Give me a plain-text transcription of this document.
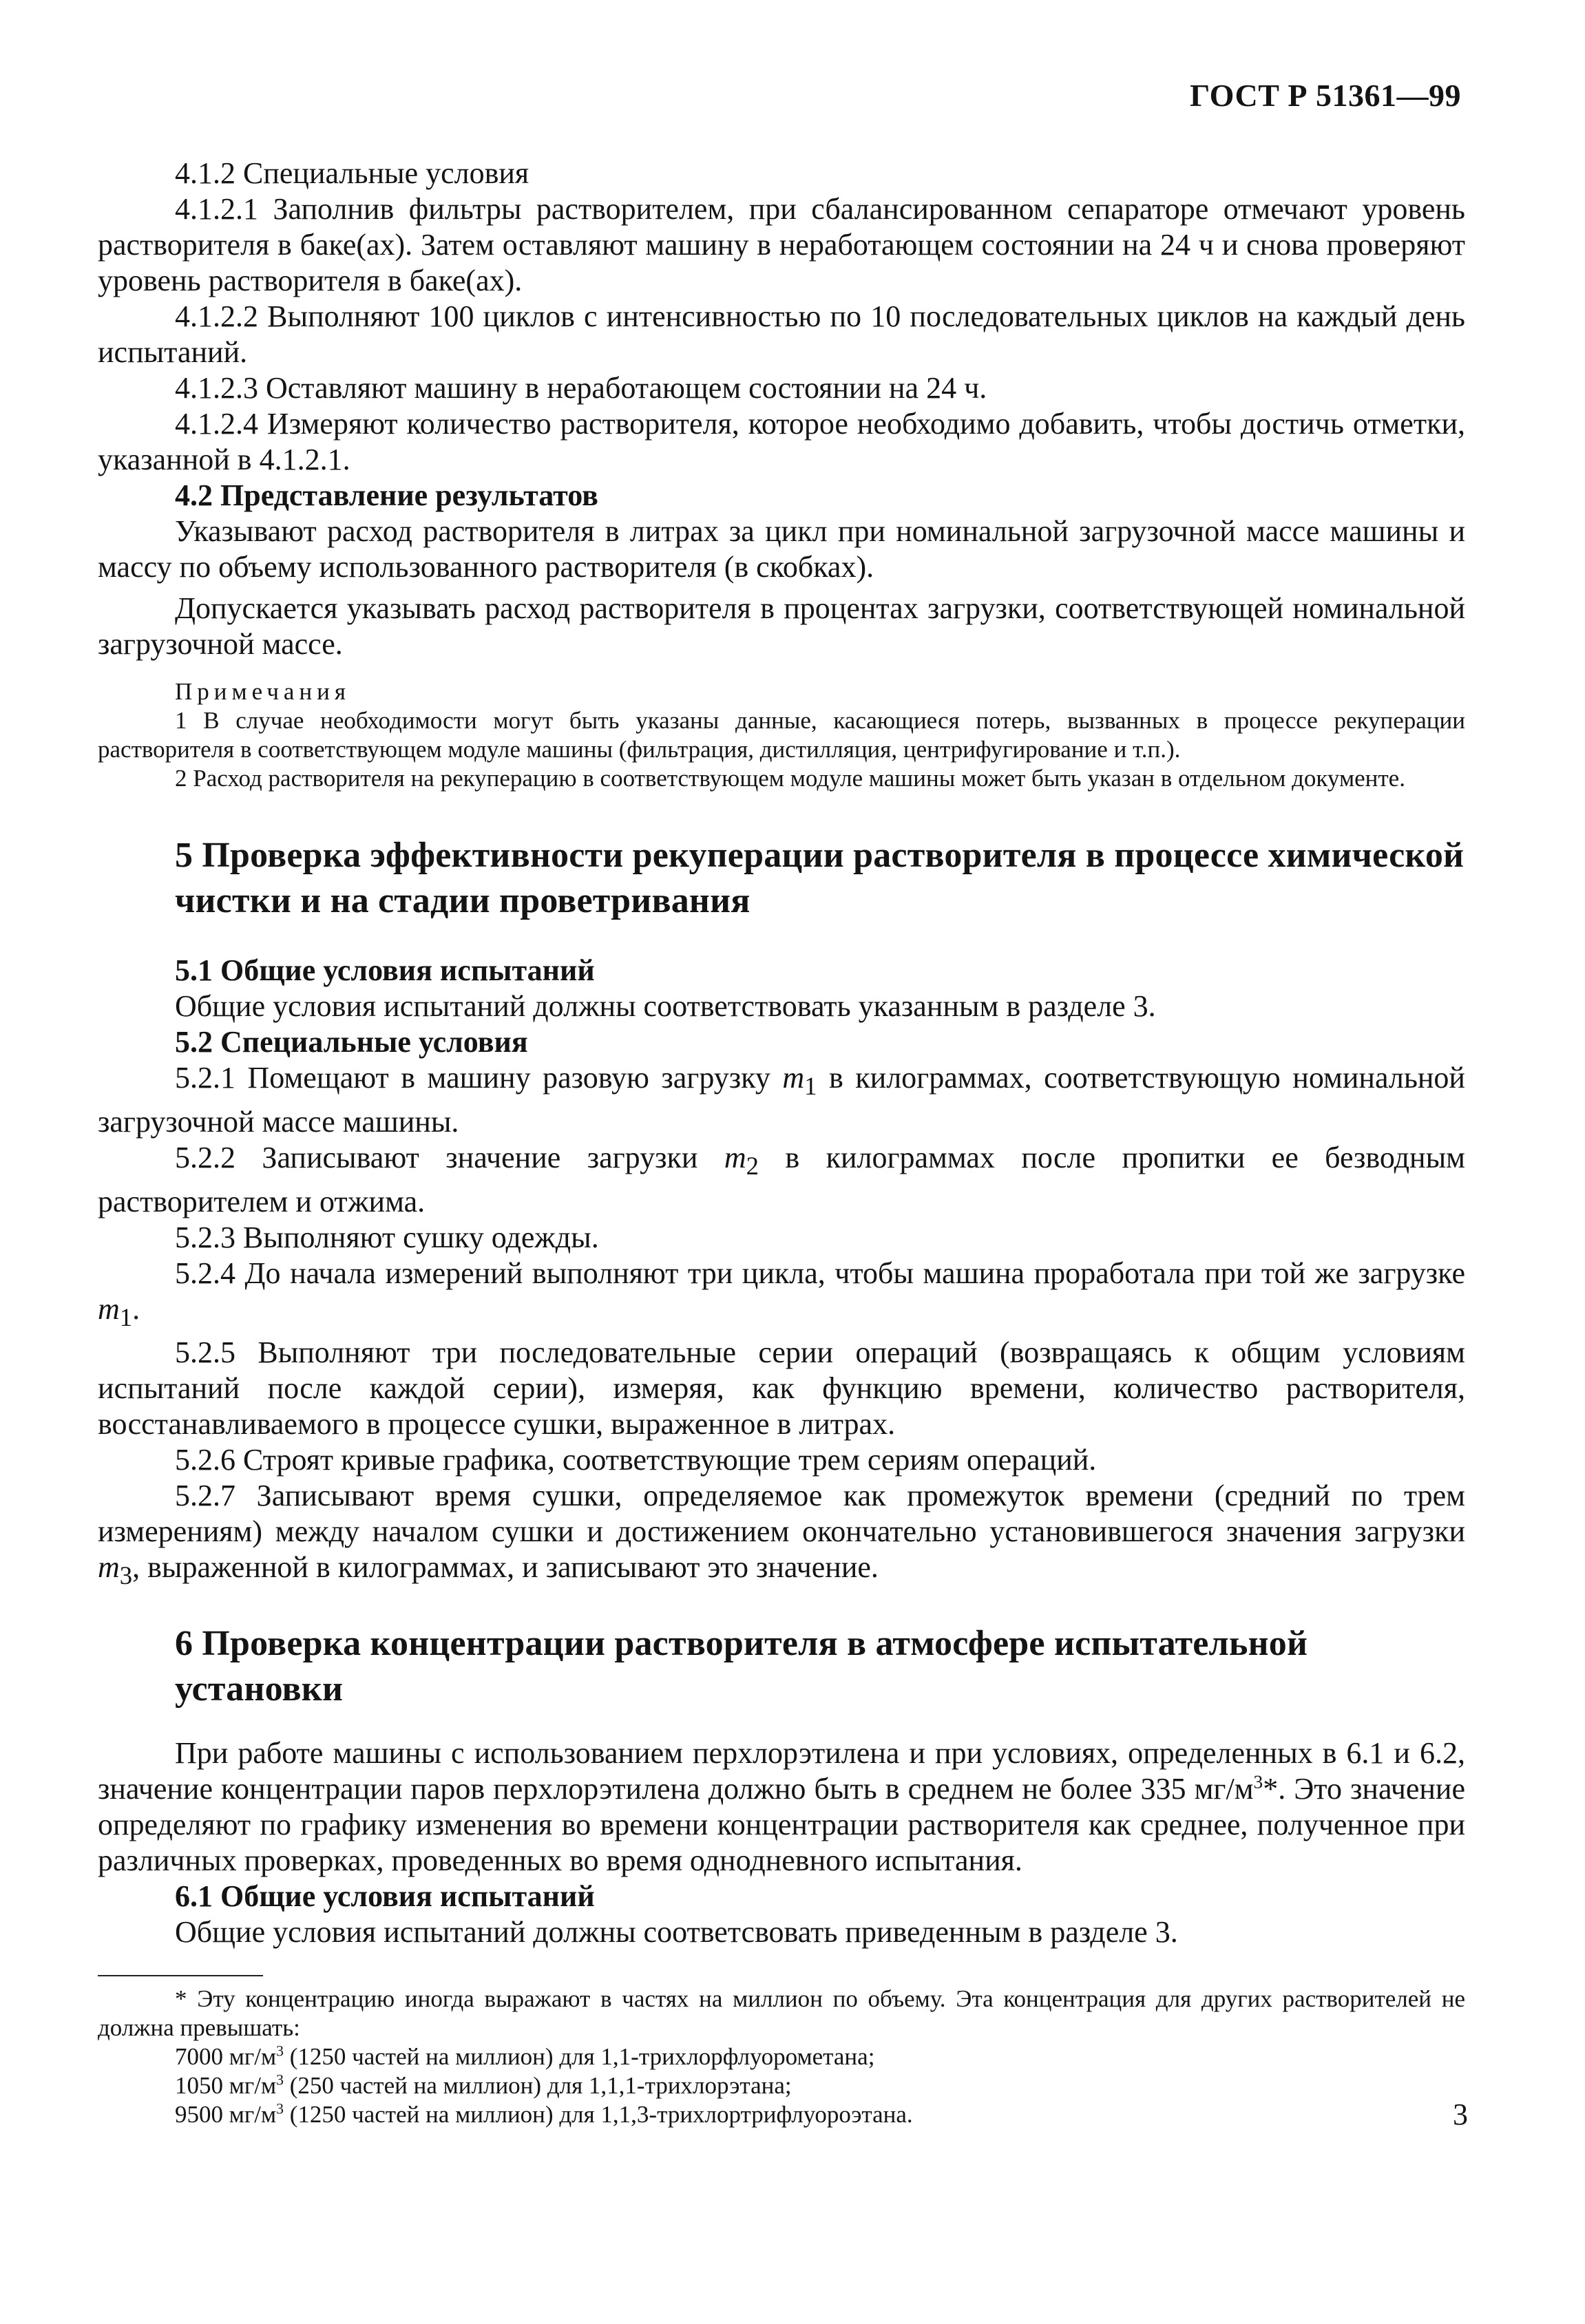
ГОСТ Р 51361—99

4.1.2 Специальные условия

4.1.2.1 Заполнив фильтры растворителем, при сбалансированном сепараторе отмечают уровень растворителя в баке(ах). Затем оставляют машину в неработающем состоянии на 24 ч и снова проверяют уровень растворителя в баке(ах).

4.1.2.2 Выполняют 100 циклов с интенсивностью по 10 последовательных циклов на каждый день испытаний.

4.1.2.3 Оставляют машину в неработающем состоянии на 24 ч.

4.1.2.4 Измеряют количество растворителя, которое необходимо добавить, чтобы достичь отметки, указанной в 4.1.2.1.

4.2 Представление результатов

Указывают расход растворителя в литрах за цикл при номинальной загрузочной массе машины и массу по объему использованного растворителя (в скобках).

Допускается указывать расход растворителя в процентах загрузки, соответствующей номинальной загрузочной массе.

Примечания

1 В случае необходимости могут быть указаны данные, касающиеся потерь, вызванных в процессе рекуперации растворителя в соответствующем модуле машины (фильтрация, дистилляция, центрифугирование и т.п.).

2 Расход растворителя на рекуперацию в соответствующем модуле машины может быть указан в отдельном документе.

5 Проверка эффективности рекуперации растворителя в процессе химической чистки и на стадии проветривания

5.1 Общие условия испытаний

Общие условия испытаний должны соответствовать указанным в разделе 3.

5.2 Специальные условия

5.2.1 Помещают в машину разовую загрузку $m_1$ в килограммах, соответствующую номинальной загрузочной массе машины.

5.2.2 Записывают значение загрузки $m_2$ в килограммах после пропитки ее безводным растворителем и отжима.

5.2.3 Выполняют сушку одежды.

5.2.4 До начала измерений выполняют три цикла, чтобы машина проработала при той же загрузке $m_1$.

5.2.5 Выполняют три последовательные серии операций (возвращаясь к общим условиям испытаний после каждой серии), измеряя, как функцию времени, количество растворителя, восстанавливаемого в процессе сушки, выраженное в литрах.

5.2.6 Строят кривые графика, соответствующие трем сериям операций.

5.2.7 Записывают время сушки, определяемое как промежуток времени (средний по трем измерениям) между началом сушки и достижением окончательно установившегося значения загрузки $m_3$, выраженной в килограммах, и записывают это значение.

6 Проверка концентрации растворителя в атмосфере испытательной установки

При работе машины с использованием перхлорэтилена и при условиях, определенных в 6.1 и 6.2, значение концентрации паров перхлорэтилена должно быть в среднем не более 335 $мг/м^3*$. Это значение определяют по графику изменения во времени концентрации растворителя как среднее, полученное при различных проверках, проведенных во время однодневного испытания.

6.1 Общие условия испытаний

Общие условия испытаний должны соответсвовать приведенным в разделе 3.

* Эту концентрацию иногда выражают в частях на миллион по объему. Эта концентрация для других растворителей не должна превышать:

7000 $мг/м^3$ (1250 частей на миллион) для 1,1-трихлорфлуорометана;

1050 $мг/м^3$ (250 частей на миллион) для 1,1,1-трихлорэтана;

9500 $мг/м^3$ (1250 частей на миллион) для 1,1,3-трихлортрифлуороэтана.	3
